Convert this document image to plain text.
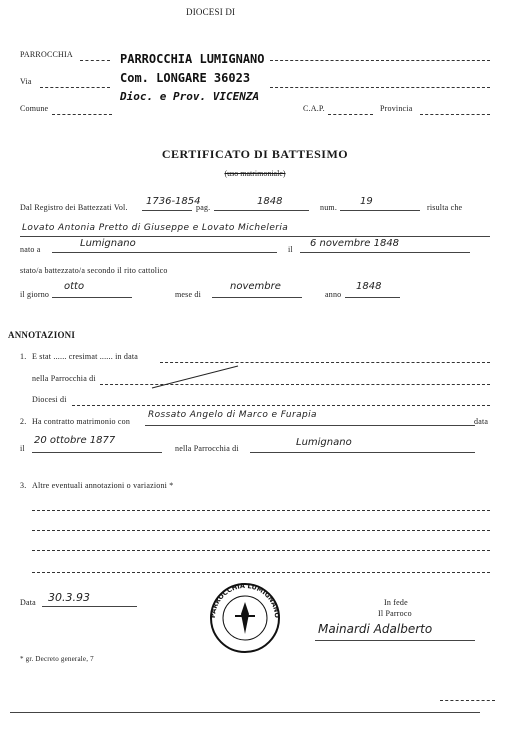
DIOCESI DI
PARROCCHIA
Via
Comune	C.A.P.	Provincia
PARROCCHIA LUMIGNANO
Com. LONGARE 36023
Dioc. e Prov. VICENZA
CERTIFICATO DI BATTESIMO
(uso matrimoniale)
Dal Registro dei Battezzati Vol.
1736-1854
pag.
1848
num.
19
risulta che
Lovato Antonia Pretto di Giuseppe e Lovato Micheleria
nato a
Lumignano
il
6 novembre 1848
stato/a battezzato/a secondo il rito cattolico
il giorno
otto
mese di
novembre
anno
1848
ANNOTAZIONI
1. E stat ...... cresimat ...... in data
nella Parrocchia di
Diocesi di
2. Ha contratto matrimonio con
Rossato Angelo di Marco e Furapia
data
il
20 ottobre 1877
nella Parrocchia di
Lumignano
3. Altre eventuali annotazioni o variazioni *
Data 30.3.93
PARROCCHIA LUMIGNANO
In fede
Il Parroco
Mainardi Adalberto
* gr. Decreto generale, 7
